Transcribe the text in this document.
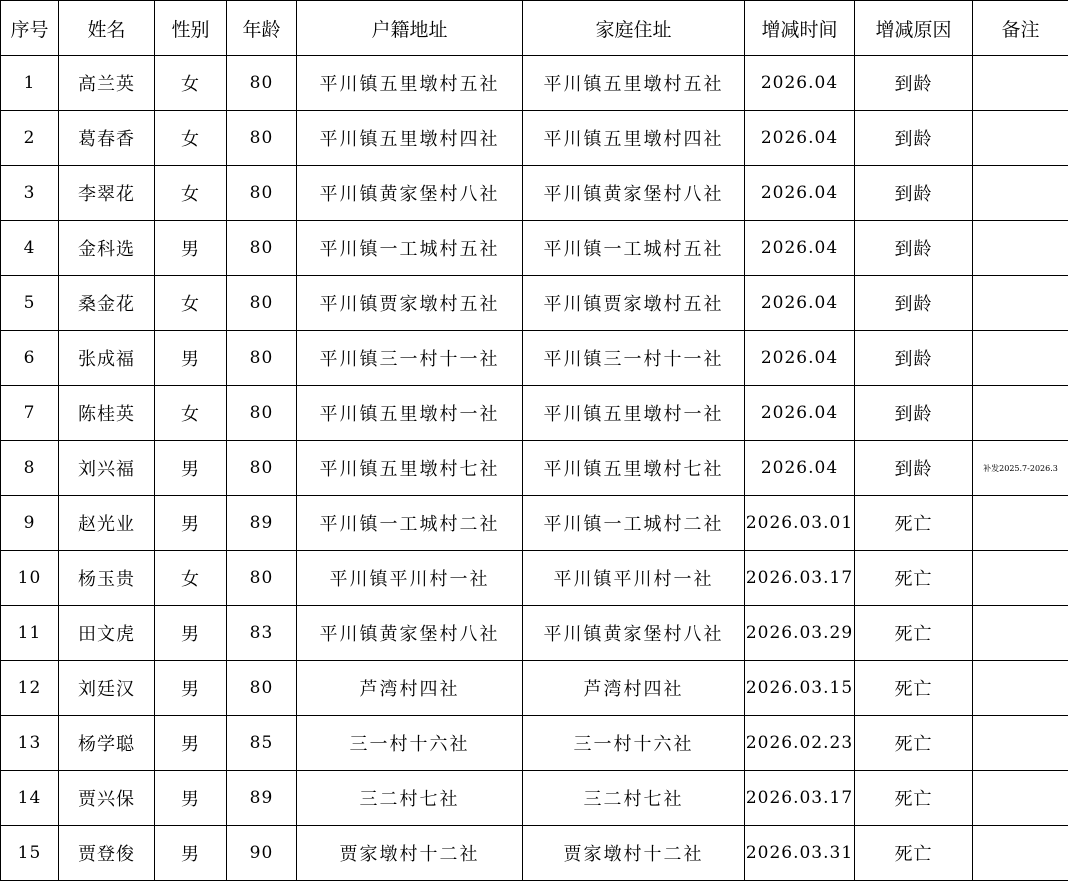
序号	姓名	性别	年龄	户籍地址	家庭住址	增减时间	增减原因	备注
1	高兰英	女	80	平川镇五里墩村五社	平川镇五里墩村五社	2026.04	到龄	
2	葛春香	女	80	平川镇五里墩村四社	平川镇五里墩村四社	2026.04	到龄	
3	李翠花	女	80	平川镇黄家堡村八社	平川镇黄家堡村八社	2026.04	到龄	
4	金科选	男	80	平川镇一工城村五社	平川镇一工城村五社	2026.04	到龄	
5	桑金花	女	80	平川镇贾家墩村五社	平川镇贾家墩村五社	2026.04	到龄	
6	张成福	男	80	平川镇三一村十一社	平川镇三一村十一社	2026.04	到龄	
7	陈桂英	女	80	平川镇五里墩村一社	平川镇五里墩村一社	2026.04	到龄	
8	刘兴福	男	80	平川镇五里墩村七社	平川镇五里墩村七社	2026.04	到龄	补发2025.7-2026.3
9	赵光业	男	89	平川镇一工城村二社	平川镇一工城村二社	2026.03.01	死亡	
10	杨玉贵	女	80	平川镇平川村一社	平川镇平川村一社	2026.03.17	死亡	
11	田文虎	男	83	平川镇黄家堡村八社	平川镇黄家堡村八社	2026.03.29	死亡	
12	刘廷汉	男	80	芦湾村四社	芦湾村四社	2026.03.15	死亡	
13	杨学聪	男	85	三一村十六社	三一村十六社	2026.02.23	死亡	
14	贾兴保	男	89	三二村七社	三二村七社	2026.03.17	死亡	
15	贾登俊	男	90	贾家墩村十二社	贾家墩村十二社	2026.03.31	死亡	
